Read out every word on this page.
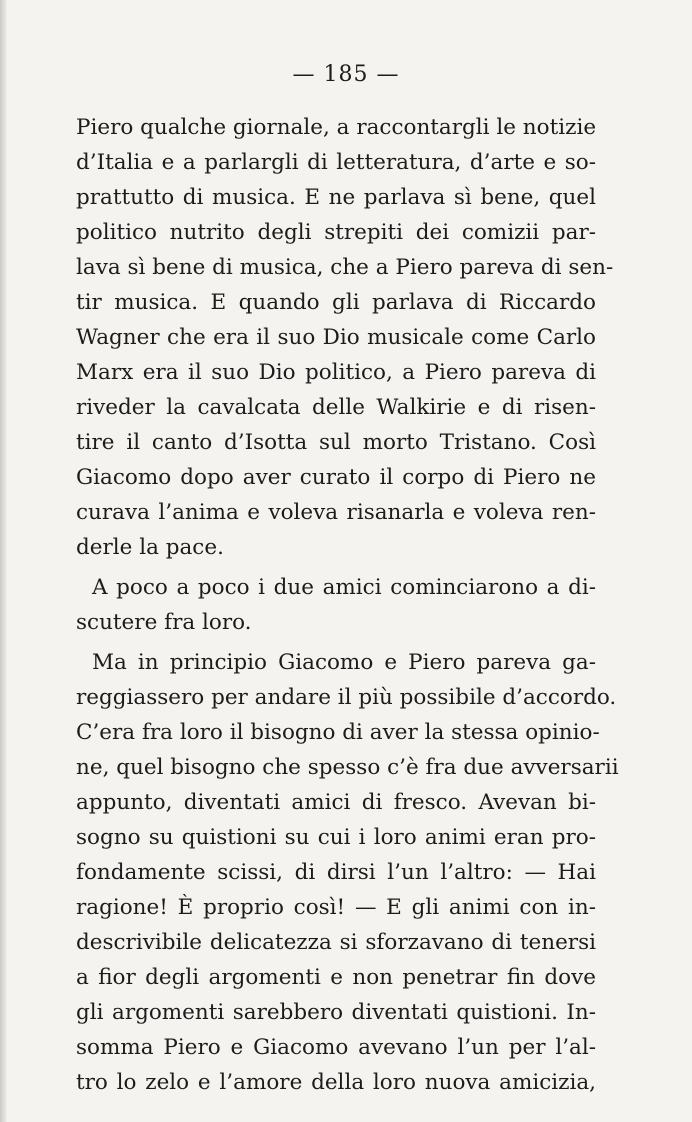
— 185 —
Piero qualche giornale, a raccontargli le notizie
d’Italia e a parlargli di letteratura, d’arte e so-
prattutto di musica. E ne parlava sì bene, quel
politico nutrito degli strepiti dei comizii par-
lava sì bene di musica, che a Piero pareva di sen-
tir musica. E quando gli parlava di Riccardo
Wagner che era il suo Dio musicale come Carlo
Marx era il suo Dio politico, a Piero pareva di
riveder la cavalcata delle Walkirie e di risen-
tire il canto d’Isotta sul morto Tristano. Così
Giacomo dopo aver curato il corpo di Piero ne
curava l’anima e voleva risanarla e voleva ren-
derle la pace.
A poco a poco i due amici cominciarono a di-
scutere fra loro.
Ma in principio Giacomo e Piero pareva ga-
reggiassero per andare il più possibile d’accordo.
C’era fra loro il bisogno di aver la stessa opinio-
ne, quel bisogno che spesso c’è fra due avversarii
appunto, diventati amici di fresco. Avevan bi-
sogno su quistioni su cui i loro animi eran pro-
fondamente scissi, di dirsi l’un l’altro: — Hai
ragione! È proprio così! — E gli animi con in-
descrivibile delicatezza si sforzavano di tenersi
a fior degli argomenti e non penetrar fin dove
gli argomenti sarebbero diventati quistioni. In-
somma Piero e Giacomo avevano l’un per l’al-
tro lo zelo e l’amore della loro nuova amicizia,
